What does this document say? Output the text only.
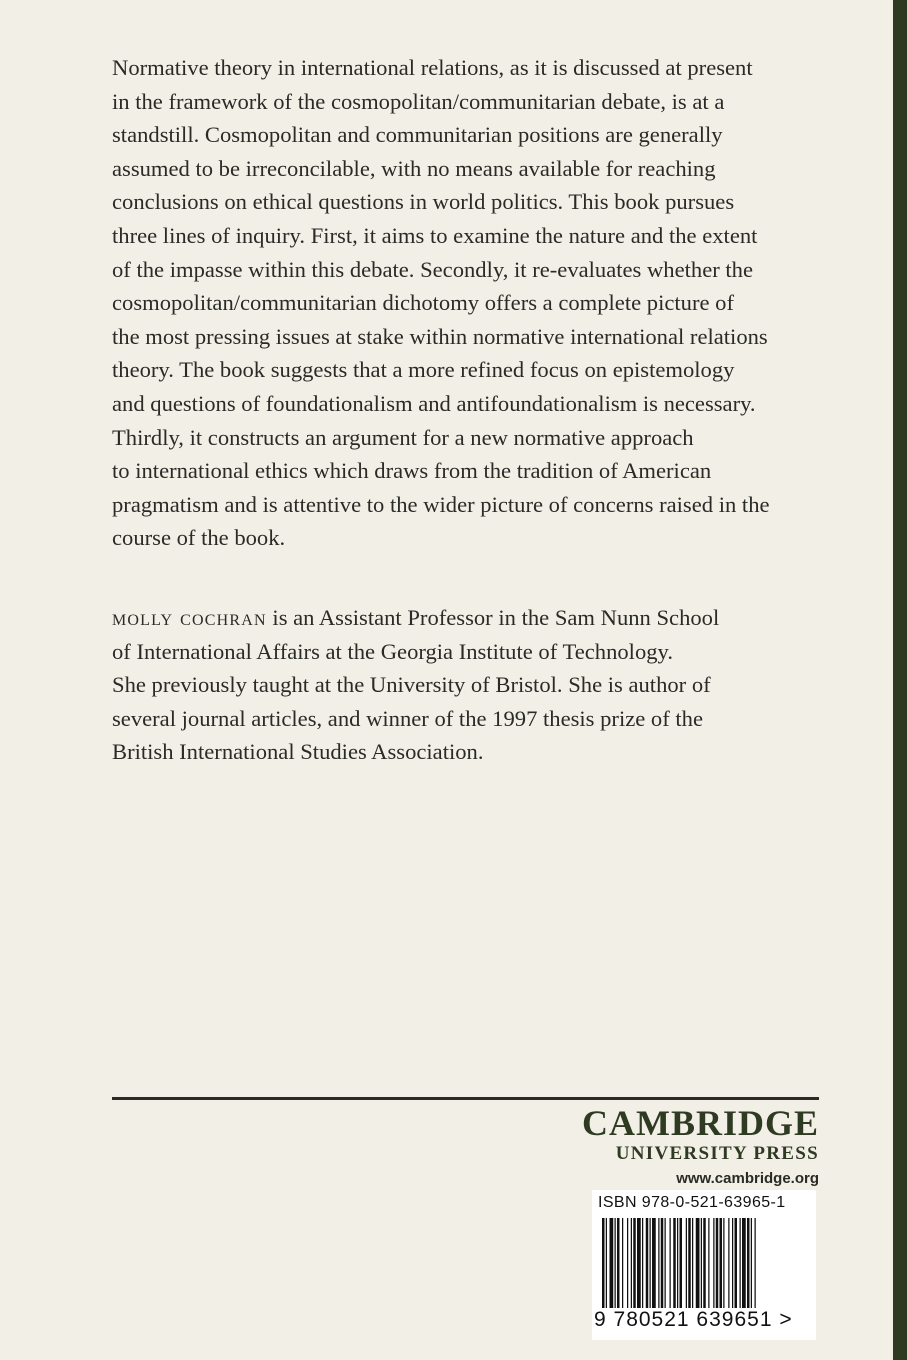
Normative theory in international relations, as it is discussed at present
in the framework of the cosmopolitan/communitarian debate, is at a
standstill. Cosmopolitan and communitarian positions are generally
assumed to be irreconcilable, with no means available for reaching
conclusions on ethical questions in world politics. This book pursues
three lines of inquiry. First, it aims to examine the nature and the extent
of the impasse within this debate. Secondly, it re-evaluates whether the
cosmopolitan/communitarian dichotomy offers a complete picture of
the most pressing issues at stake within normative international relations
theory. The book suggests that a more refined focus on epistemology
and questions of foundationalism and antifoundationalism is necessary.
Thirdly, it constructs an argument for a new normative approach
to international ethics which draws from the tradition of American
pragmatism and is attentive to the wider picture of concerns raised in the
course of the book.
molly cochran is an Assistant Professor in the Sam Nunn School
of International Affairs at the Georgia Institute of Technology.
She previously taught at the University of Bristol. She is author of
several journal articles, and winner of the 1997 thesis prize of the
British International Studies Association.
CAMBRIDGE
UNIVERSITY PRESS
www.cambridge.org
ISBN 978-0-521-63965-1
9 780521 639651 >
